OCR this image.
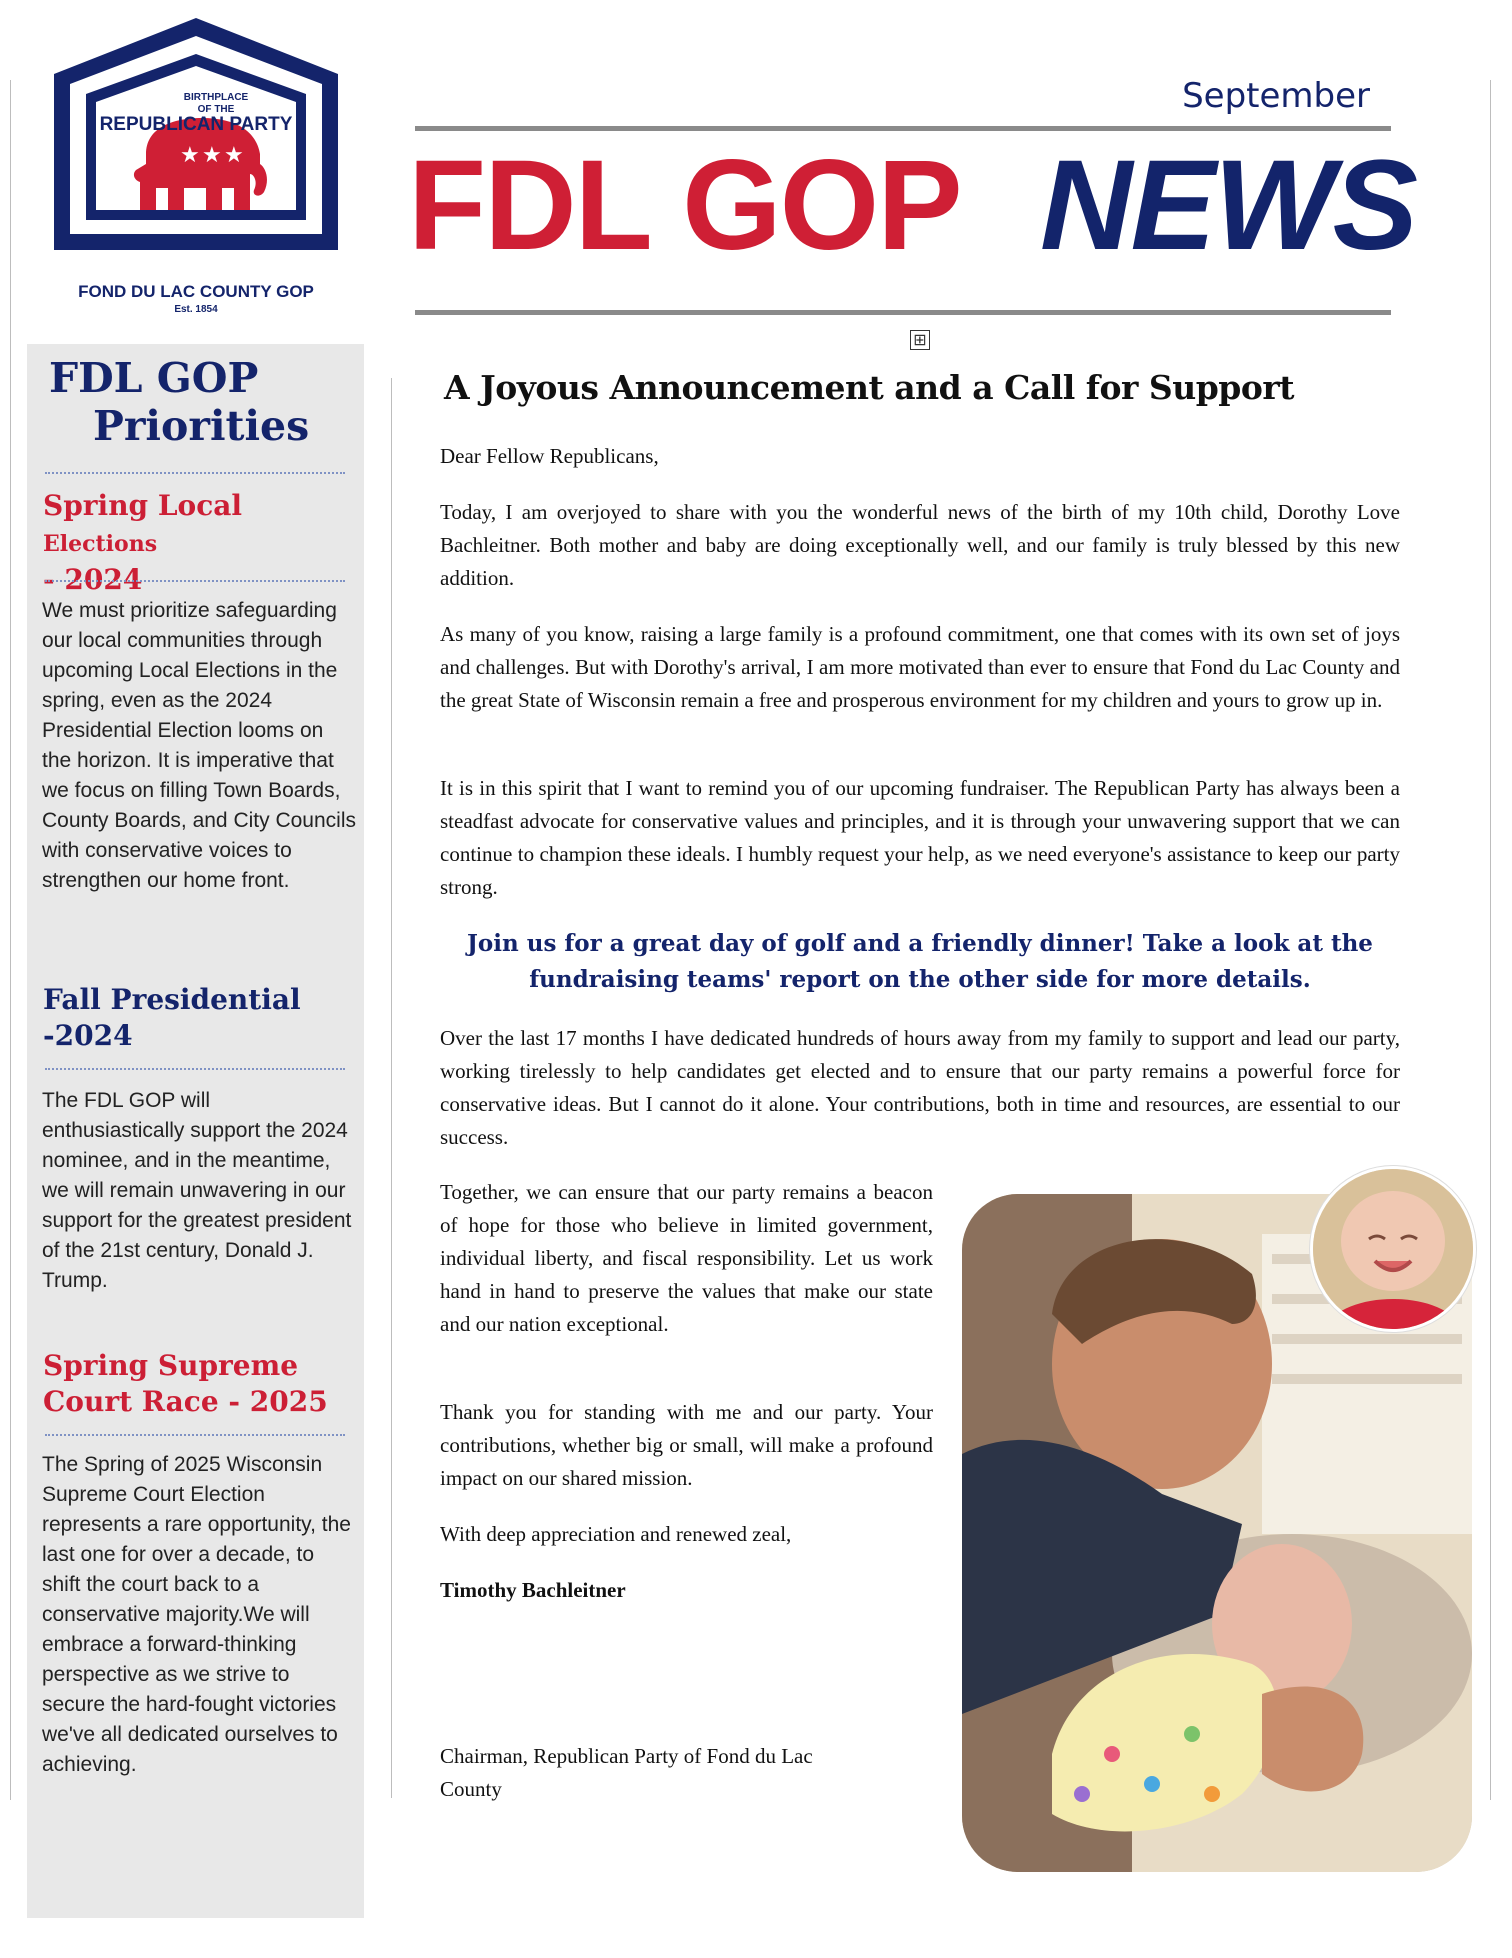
★ ★ ★
BIRTHPLACE
OF THE
REPUBLICAN PARTY
FOND DU LAC COUNTY GOP
Est. 1854
September
FDL GOP NEWS
⊞
FDL GOP
Priorities
Spring Local Elections
- 2024
We must prioritize safeguarding our local communities through upcoming Local Elections in the spring, even as the 2024 Presidential Election looms on the horizon. It is imperative that we focus on filling Town Boards, County Boards, and City Councils with conservative voices to strengthen our home front.
Fall Presidential
-2024
The FDL GOP will enthusiastically support the 2024 nominee, and in the meantime, we will remain unwavering in our support for the greatest president of the 21st century, Donald J. Trump.
Spring Supreme
Court Race - 2025
The Spring of 2025 Wisconsin Supreme Court Election represents a rare opportunity, the last one for over a decade, to shift the court back to a conservative majority.We will embrace a forward-thinking perspective as we strive to secure the hard-fought victories we've all dedicated ourselves to achieving.
A Joyous Announcement and a Call for Support
Dear Fellow Republicans,
Today, I am overjoyed to share with you the wonderful news of the birth of my 10th child, Dorothy Love Bachleitner. Both mother and baby are doing exceptionally well, and our family is truly blessed by this new addition.
As many of you know, raising a large family is a profound commitment, one that comes with its own set of joys and challenges. But with Dorothy's arrival, I am more motivated than ever to ensure that Fond du Lac County and the great State of Wisconsin remain a free and prosperous environment for my children and yours to grow up in.
It is in this spirit that I want to remind you of our upcoming fundraiser. The Republican Party has always been a steadfast advocate for conservative values and principles, and it is through your unwavering support that we can continue to champion these ideals. I humbly request your help, as we need everyone's assistance to keep our party strong.
Join us for a great day of golf and a friendly dinner! Take a look at the
fundraising teams' report on the other side for more details.
Over the last 17 months I have dedicated hundreds of hours away from my family to support and lead our party, working tirelessly to help candidates get elected and to ensure that our party remains a powerful force for conservative ideas. But I cannot do it alone. Your contributions, both in time and resources, are essential to our success.
Together, we can ensure that our party remains a beacon of hope for those who believe in limited government, individual liberty, and fiscal responsibility. Let us work hand in hand to preserve the values that make our state and our nation exceptional.
Thank you for standing with me and our party. Your contributions, whether big or small, will make a profound impact on our shared mission.
With deep appreciation and renewed zeal,
Timothy Bachleitner
Chairman, Republican Party of Fond du Lac
County
